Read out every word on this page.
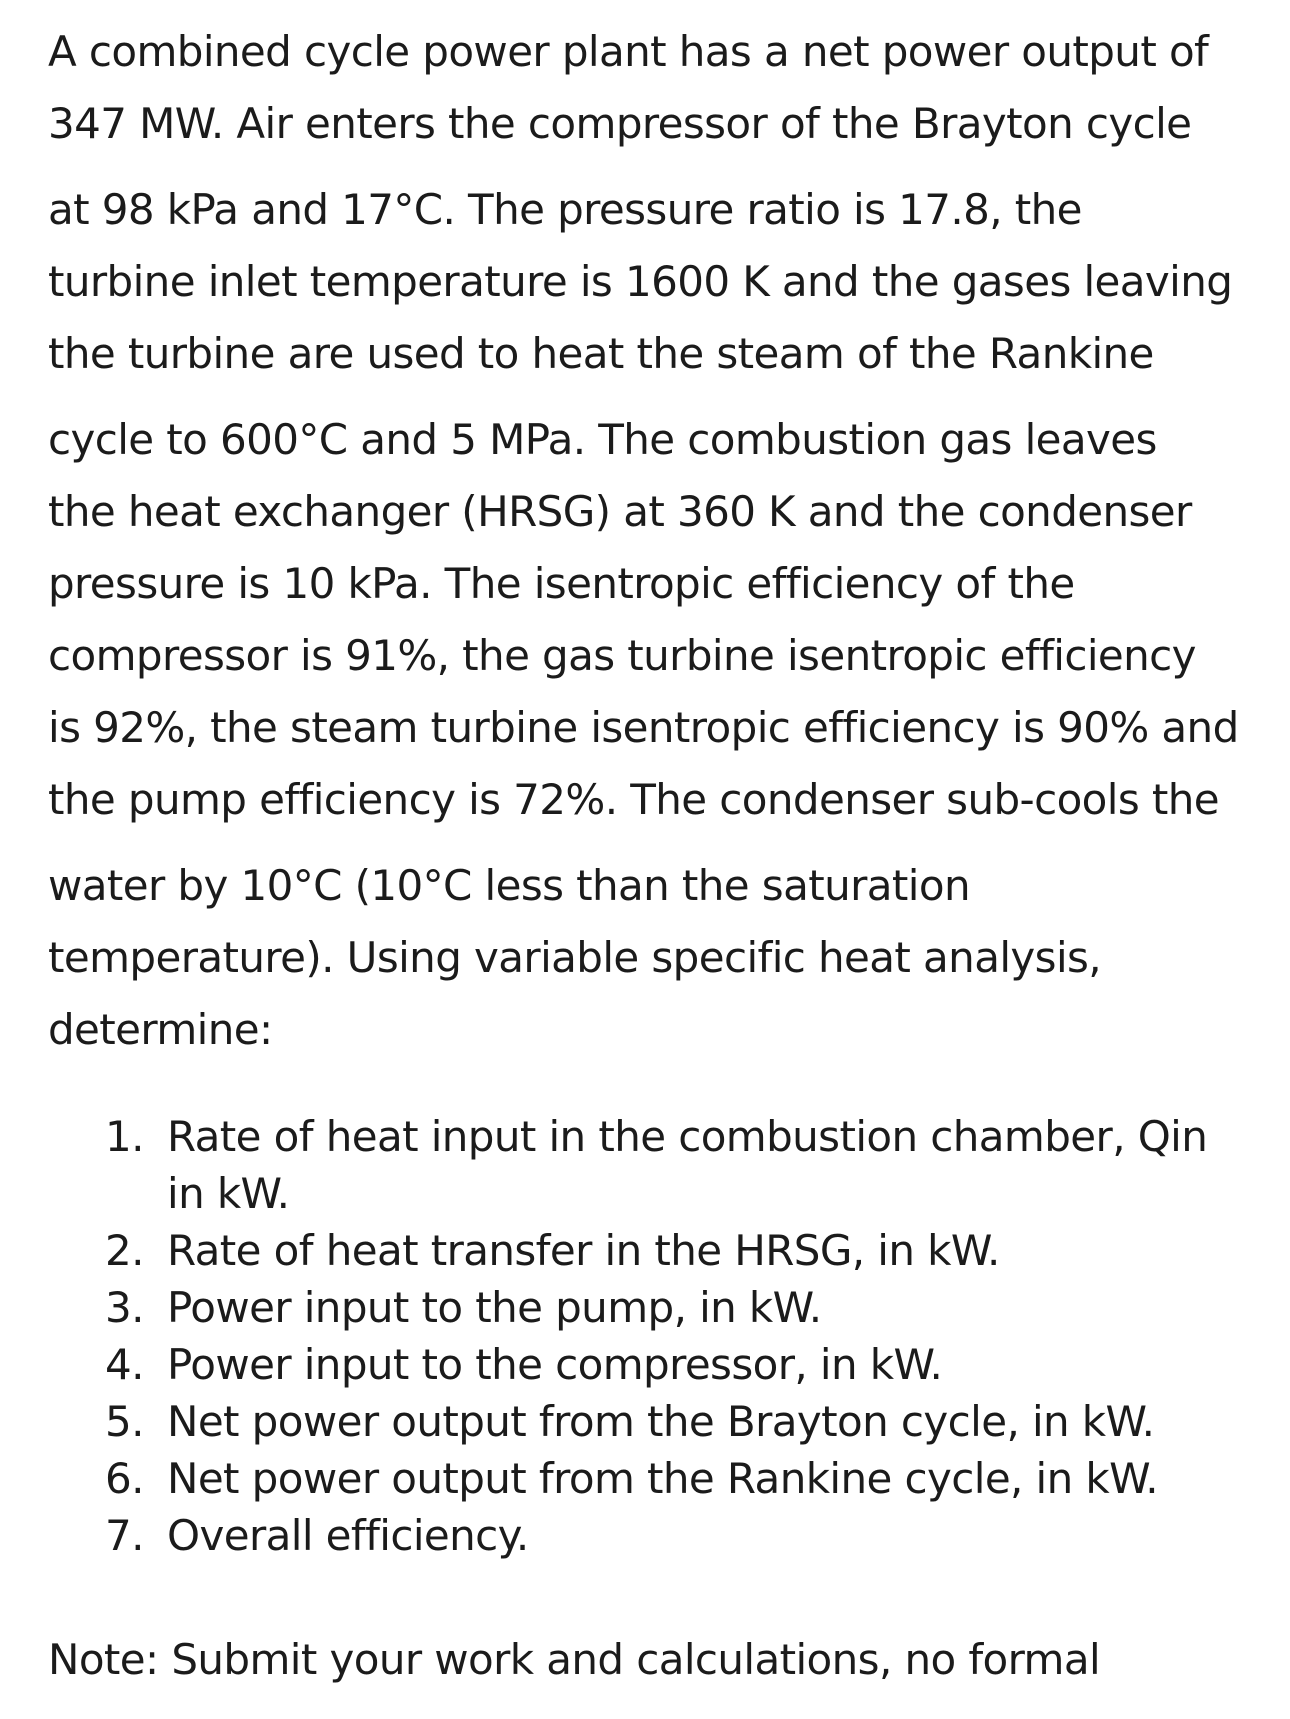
A combined cycle power plant has a net power output of
347 MW. Air enters the compressor of the Brayton cycle
at 98 kPa and 17°C. The pressure ratio is 17.8, the
turbine inlet temperature is 1600 K and the gases leaving
the turbine are used to heat the steam of the Rankine
cycle to 600°C and 5 MPa. The combustion gas leaves
the heat exchanger (HRSG) at 360 K and the condenser
pressure is 10 kPa. The isentropic efficiency of the
compressor is 91%, the gas turbine isentropic efficiency
is 92%, the steam turbine isentropic efficiency is 90% and
the pump efficiency is 72%. The condenser sub-cools the
water by 10°C (10°C less than the saturation
temperature). Using variable specific heat analysis,
determine:
1. Rate of heat input in the combustion chamber, Qin in kW.
2. Rate of heat transfer in the HRSG, in kW.
3. Power input to the pump, in kW.
4. Power input to the compressor, in kW.
5. Net power output from the Brayton cycle, in kW.
6. Net power output from the Rankine cycle, in kW.
7. Overall efficiency.

Note: Submit your work and calculations, no formal
